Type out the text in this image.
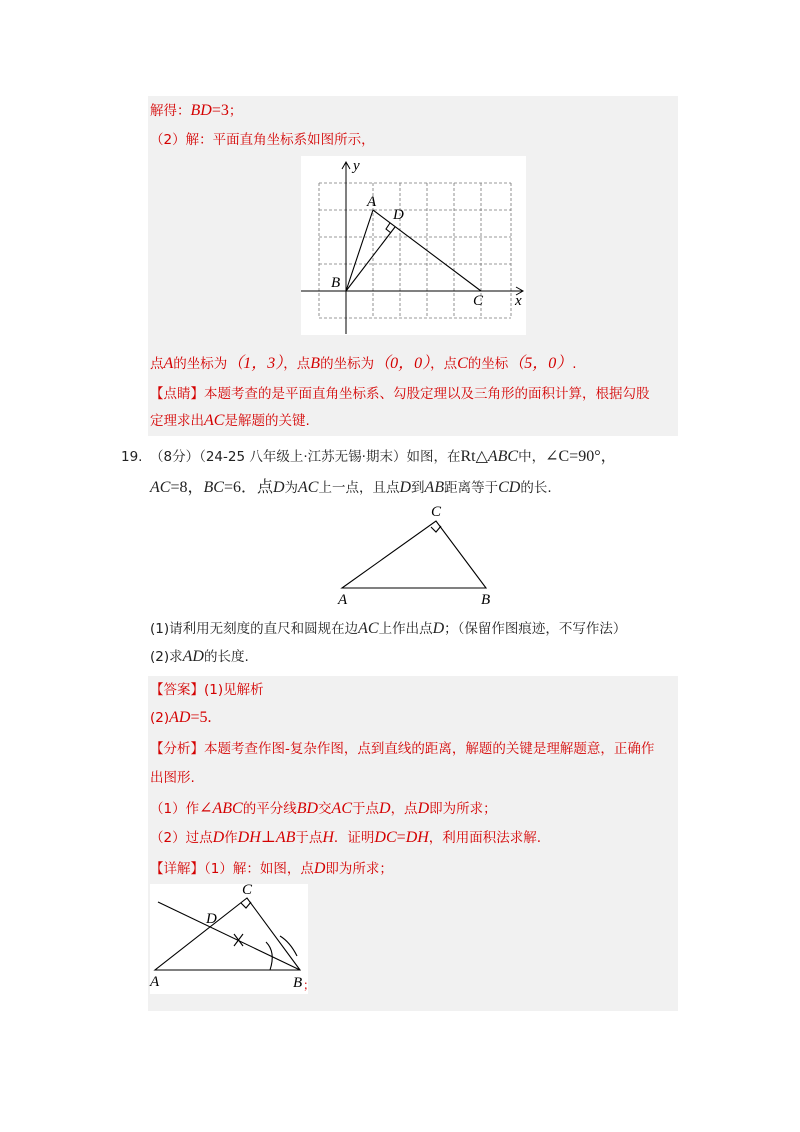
解得：BD=3；
（2）解：平面直角坐标系如图所示，
y
x
A
D
B
C
点A的坐标为（1，3），点B的坐标为（0，0），点C的坐标（5，0）.
【点睛】本题考查的是平面直角坐标系、勾股定理以及三角形的面积计算，根据勾股
定理求出AC是解题的关键.
19. （8分）（24-25 八年级上·江苏无锡·期末）如图，在Rt△ABC中，∠C=90°，
AC=8，BC=6．点D为AC上一点，且点D到AB距离等于CD的长.
A	B
C
(1)请利用无刻度的直尺和圆规在边AC上作出点D；（保留作图痕迹，不写作法）
(2)求AD的长度.
【答案】(1)见解析
(2)AD=5.
【分析】本题考查作图-复杂作图，点到直线的距离，解题的关键是理解题意，正确作
出图形.
（1）作∠ABC的平分线BD交AC于点D，点D即为所求；
（2）过点D作DH⊥AB于点H．证明DC=DH，利用面积法求解.
【详解】（1）解：如图，点D即为所求；
C
D
A	B ；
